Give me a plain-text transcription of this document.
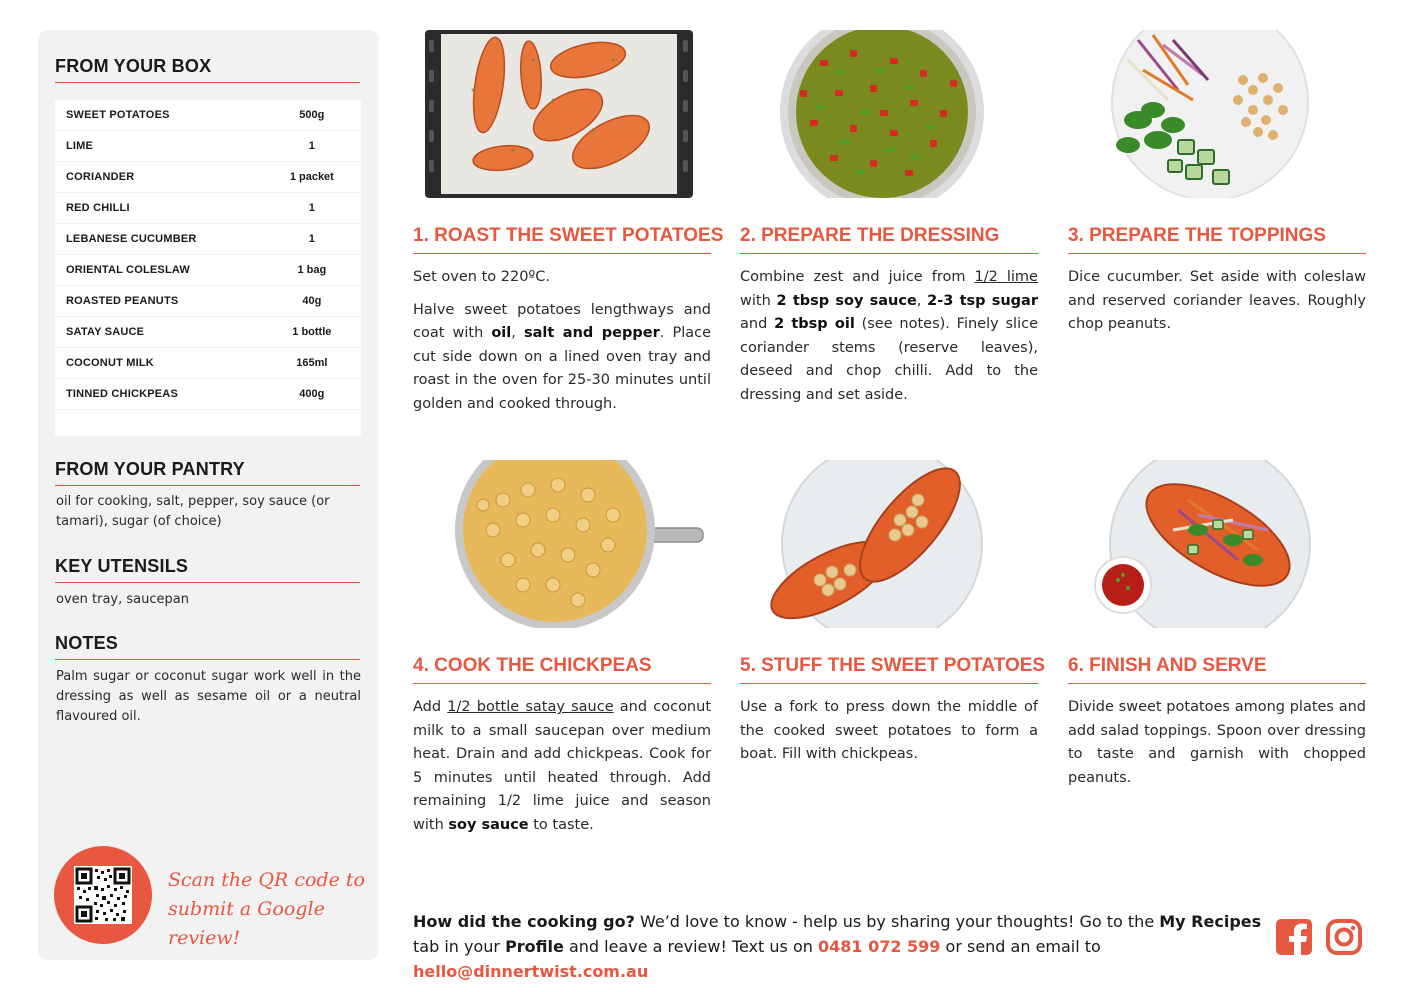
FROM YOUR BOX
SWEET POTATOES	500g
LIME	1
CORIANDER	1 packet
RED CHILLI	1
LEBANESE CUCUMBER	1
ORIENTAL COLESLAW	1 bag
ROASTED PEANUTS	40g
SATAY SAUCE	1 bottle
COCONUT MILK	165ml
TINNED CHICKPEAS	400g
FROM YOUR PANTRY
oil for cooking, salt, pepper, soy sauce (or tamari), sugar (of choice)
KEY UTENSILS
oven tray, saucepan
NOTES
Palm sugar or coconut sugar work well in the dressing as well as sesame oil or a neutral flavoured oil.
Scan the QR code to
submit a Google review!
1. ROAST THE SWEET POTATOES

Set oven to 220ºC.

Halve sweet potatoes lengthways and coat with oil, salt and pepper. Place cut side down on a lined oven tray and roast in the oven for 25-30 minutes until golden and cooked through.

2. PREPARE THE DRESSING

Combine zest and juice from 1/2 lime with 2 tbsp soy sauce, 2-3 tsp sugar and 2 tbsp oil (see notes). Finely slice coriander stems (reserve leaves), deseed and chop chilli. Add to the dressing and set aside.

3. PREPARE THE TOPPINGS

Dice cucumber. Set aside with coleslaw and reserved coriander leaves. Roughly chop peanuts.

4. COOK THE CHICKPEAS

Add 1/2 bottle satay sauce and coconut milk to a small saucepan over medium heat. Drain and add chickpeas. Cook for 5 minutes until heated through. Add remaining 1/2 lime juice and season with soy sauce to taste.

5. STUFF THE SWEET POTATOES

Use a fork to press down the middle of the cooked sweet potatoes to form a boat. Fill with chickpeas.

6. FINISH AND SERVE

Divide sweet potatoes among plates and add salad toppings. Spoon over dressing to taste and garnish with chopped peanuts.

How did the cooking go? We’d love to know - help us by sharing your thoughts! Go to the My Recipes tab in your Profile and leave a review! Text us on 0481 072 599 or send an email to hello@dinnertwist.com.au
